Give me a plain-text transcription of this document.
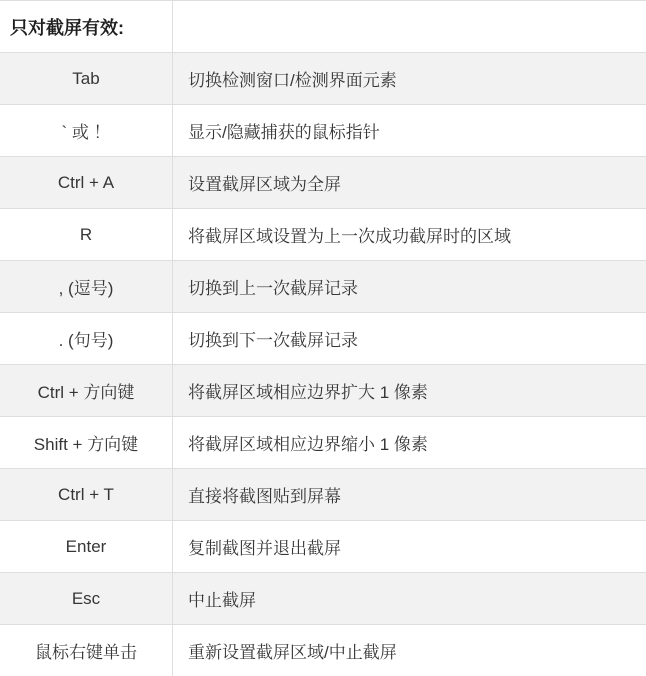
只对截屏有效:
Tab	切换检测窗口/检测界面元素
` 或 ！	显示/隐藏捕获的鼠标指针
Ctrl + A	设置截屏区域为全屏
R	将截屏区域设置为上一次成功截屏时的区域
, (逗号)	切换到上一次截屏记录
. (句号)	切换到下一次截屏记录
Ctrl + 方向键	将截屏区域相应边界扩大 1 像素
Shift + 方向键	将截屏区域相应边界缩小 1 像素
Ctrl + T	直接将截图贴到屏幕
Enter	复制截图并退出截屏
Esc	中止截屏
鼠标右键单击	重新设置截屏区域/中止截屏
